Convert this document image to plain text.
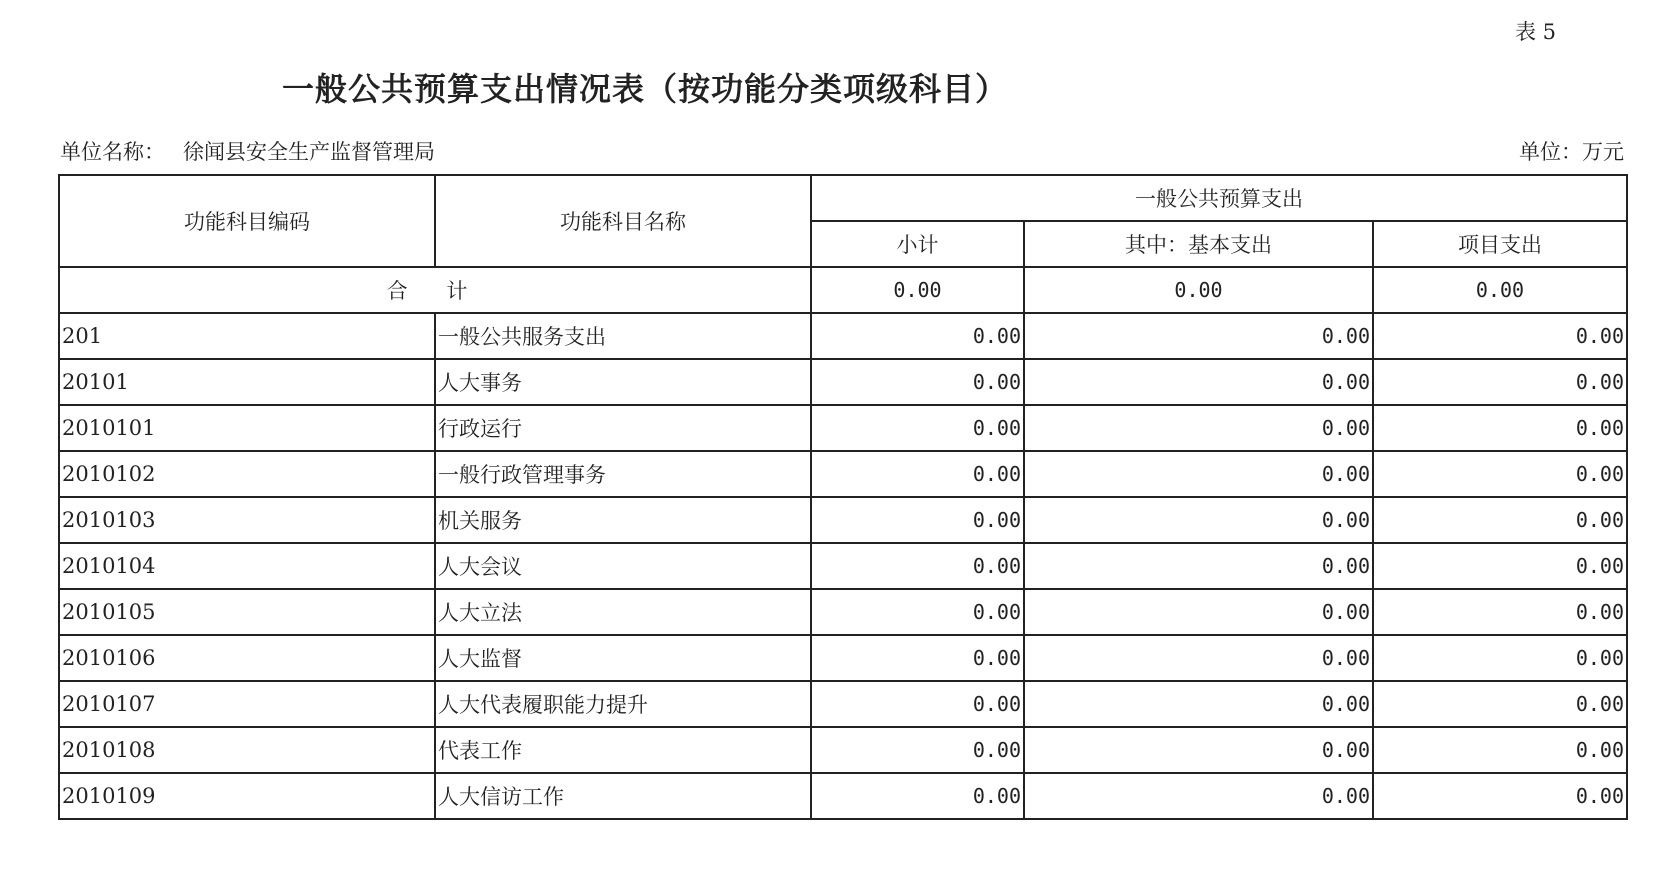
表 5
一般公共预算支出情况表（按功能分类项级科目）
单位名称： 徐闻县安全生产监督管理局	单位：万元
功能科目编码	功能科目名称	一般公共预算支出		
		小计	其中：基本支出	项目支出
合 计		0.00	0.00	0.00
201	一般公共服务支出	0.00	0.00	0.00
20101	人大事务	0.00	0.00	0.00
2010101	行政运行	0.00	0.00	0.00
2010102	一般行政管理事务	0.00	0.00	0.00
2010103	机关服务	0.00	0.00	0.00
2010104	人大会议	0.00	0.00	0.00
2010105	人大立法	0.00	0.00	0.00
2010106	人大监督	0.00	0.00	0.00
2010107	人大代表履职能力提升	0.00	0.00	0.00
2010108	代表工作	0.00	0.00	0.00
2010109	人大信访工作	0.00	0.00	0.00
